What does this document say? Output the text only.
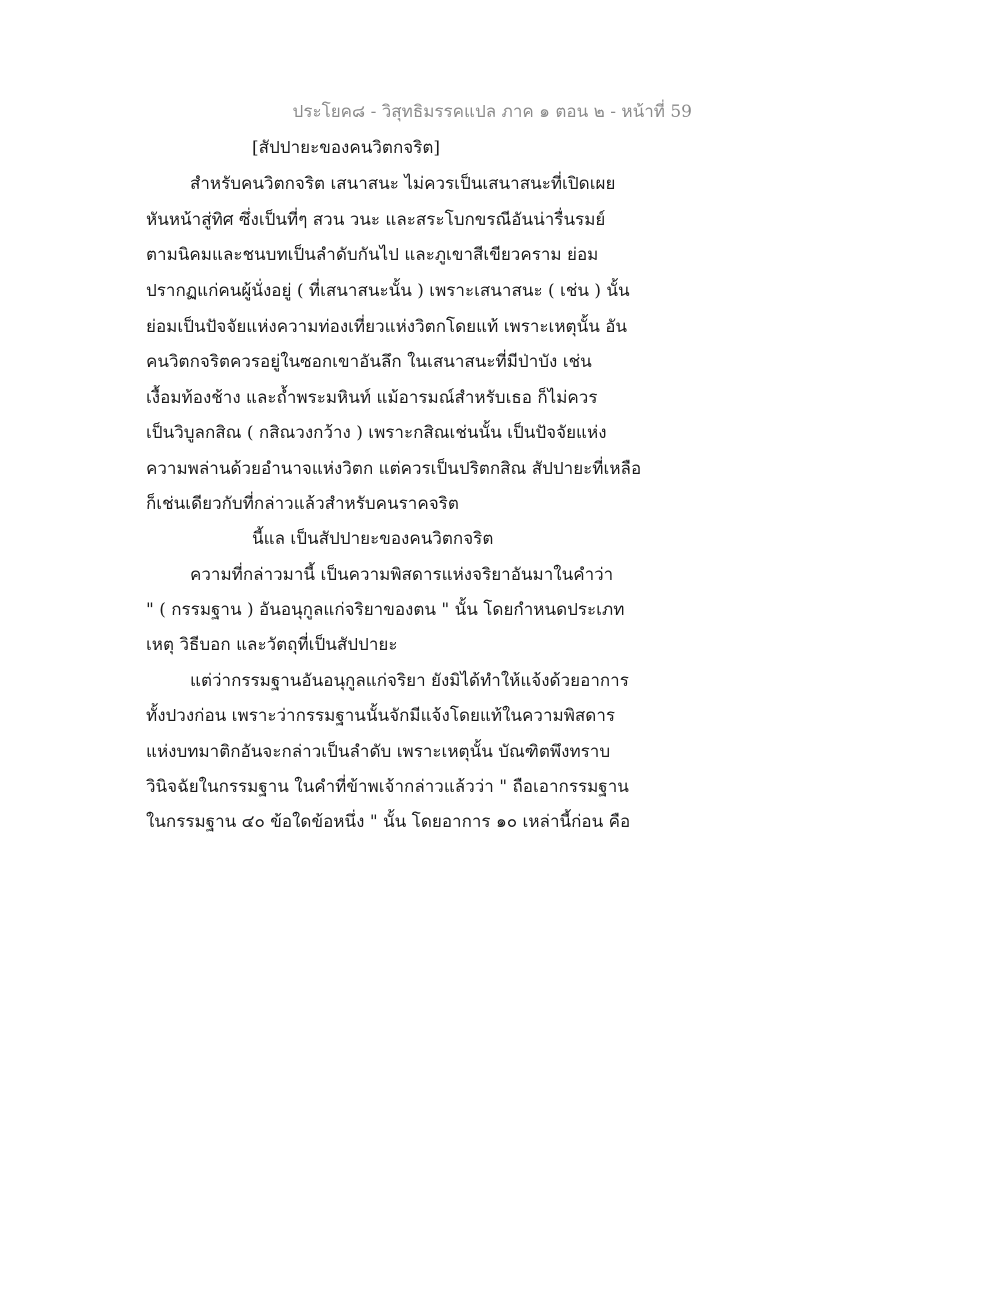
ประโยค๘ - วิสุทธิมรรคแปล ภาค ๑ ตอน ๒ - หน้าที่ 59
[สัปปายะของคนวิตกจริต]
สำหรับคนวิตกจริต เสนาสนะ ไม่ควรเป็นเสนาสนะที่เปิดเผย
หันหน้าสู่ทิศ ซึ่งเป็นที่ๆ สวน วนะ และสระโบกขรณีอันน่ารื่นรมย์
ตามนิคมและชนบทเป็นลำดับกันไป และภูเขาสีเขียวคราม ย่อม
ปรากฏแก่คนผู้นั่งอยู่ ( ที่เสนาสนะนั้น ) เพราะเสนาสนะ ( เช่น ) นั้น
ย่อมเป็นปัจจัยแห่งความท่องเที่ยวแห่งวิตกโดยแท้ เพราะเหตุนั้น อัน
คนวิตกจริตควรอยู่ในซอกเขาอันลึก ในเสนาสนะที่มีป่าบัง เช่น
เงื้อมท้องช้าง และถ้ำพระมหินท์ แม้อารมณ์สำหรับเธอ ก็ไม่ควร
เป็นวิบูลกสิณ ( กสิณวงกว้าง ) เพราะกสิณเช่นนั้น เป็นปัจจัยแห่ง
ความพล่านด้วยอำนาจแห่งวิตก แต่ควรเป็นปริตกสิณ สัปปายะที่เหลือ
ก็เช่นเดียวกับที่กล่าวแล้วสำหรับคนราคจริต
นี้แล เป็นสัปปายะของคนวิตกจริต
ความที่กล่าวมานี้ เป็นความพิสดารแห่งจริยาอันมาในคำว่า
" ( กรรมฐาน ) อันอนุกูลแก่จริยาของตน " นั้น โดยกำหนดประเภท
เหตุ วิธีบอก และวัตถุที่เป็นสัปปายะ
แต่ว่ากรรมฐานอันอนุกูลแก่จริยา ยังมิได้ทำให้แจ้งด้วยอาการ
ทั้งปวงก่อน เพราะว่ากรรมฐานนั้นจักมีแจ้งโดยแท้ในความพิสดาร
แห่งบทมาติกอันจะกล่าวเป็นลำดับ เพราะเหตุนั้น บัณฑิตพึงทราบ
วินิจฉัยในกรรมฐาน ในคำที่ข้าพเจ้ากล่าวแล้วว่า " ถือเอากรรมฐาน
ในกรรมฐาน ๔๐ ข้อใดข้อหนึ่ง " นั้น โดยอาการ ๑๐ เหล่านี้ก่อน คือ
